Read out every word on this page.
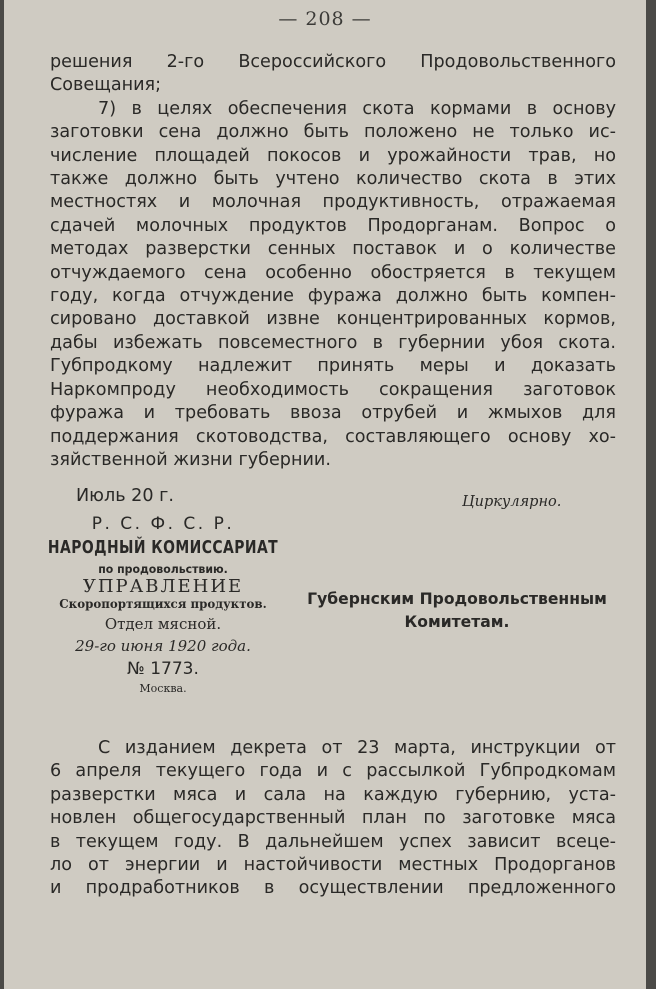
— 208 —
решения 2-го Всероссийского Продовольственного
Совещания;
7) в целях обеспечения скота кормами в основу
заготовки сена должно быть положено не только ис-
числение площадей покосов и урожайности трав, но
также должно быть учтено количество скота в этих
местностях и молочная продуктивность, отражаемая
сдачей молочных продуктов Продорганам. Вопрос о
методах разверстки сенных поставок и о количестве
отчуждаемого сена особенно обостряется в текущем
году, когда отчуждение фуража должно быть компен-
сировано доставкой извне концентрированных кормов,
дабы избежать повсеместного в губернии убоя скота.
Губпродкому надлежит принять меры и доказать
Наркомпроду необходимость сокращения заготовок
фуража и требовать ввоза отрубей и жмыхов для
поддержания скотоводства, составляющего основу хо-
зяйственной жизни губернии.
Июль 20 г.	Циркулярно.
Р. С. Ф. С. Р.
НАРОДНЫЙ КОМИССАРИАТ
по продовольствию.
УПРАВЛЕНИЕ
Скоропортящихся продуктов.
Отдел мясной.
29-го июня 1920 года.
№ 1773.
Москва.
Губернским Продовольственным
Комитетам.
С изданием декрета от 23 марта, инструкции от
6 апреля текущего года и с рассылкой Губпродкомам
разверстки мяса и сала на каждую губернию, уста-
новлен общегосударственный план по заготовке мяса
в текущем году. В дальнейшем успех зависит всеце-
ло от энергии и настойчивости местных Продорганов
и продработников в осуществлении предложенного
